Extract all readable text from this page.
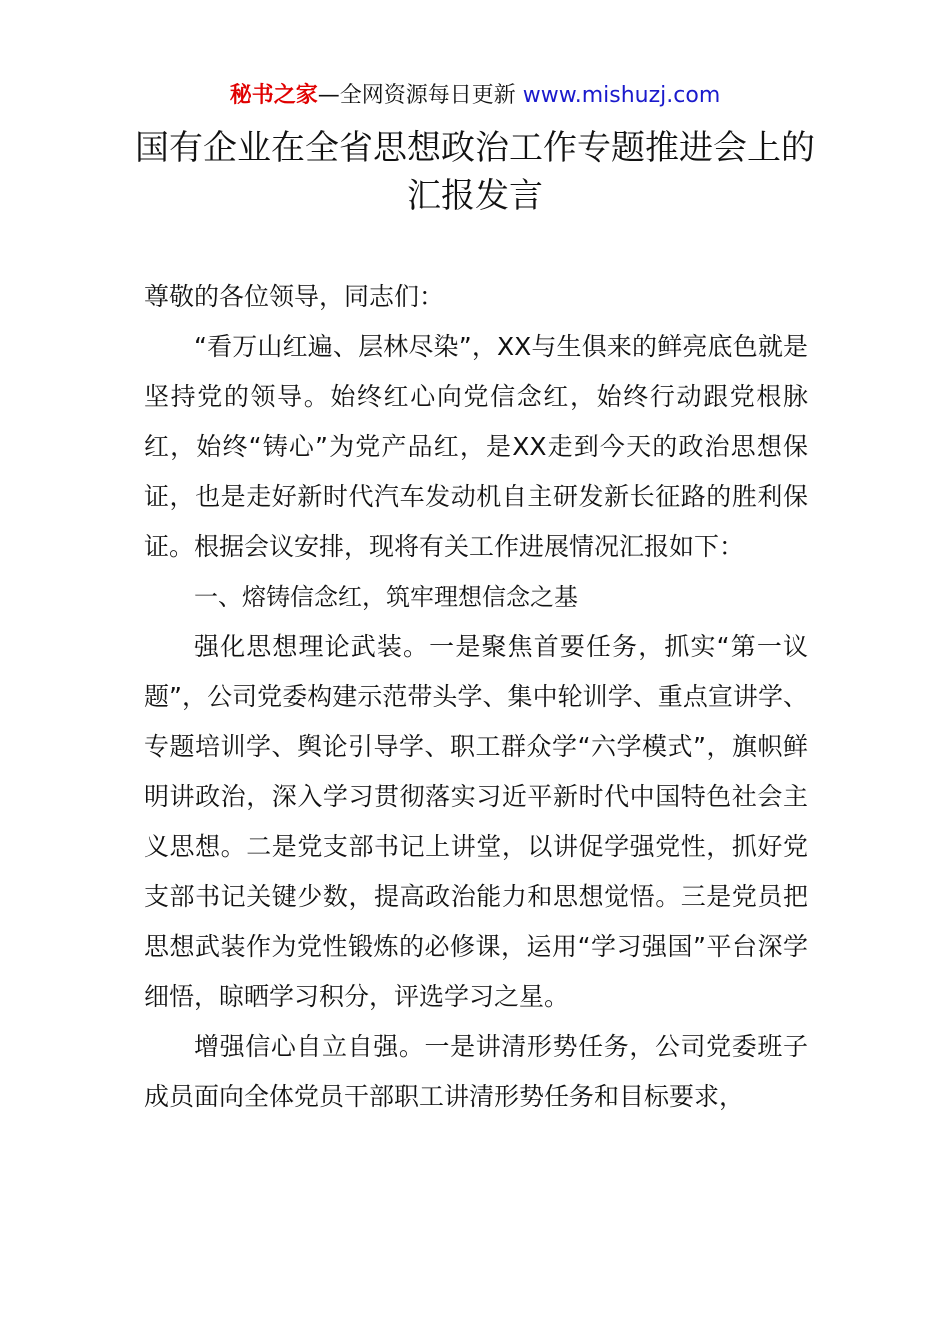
秘书之家—全网资源每日更新 www.mishuzj.com
国有企业在全省思想政治工作专题推进会上的汇报发言

尊敬的各位领导，同志们：

“看万山红遍、层林尽染”，XX与生俱来的鲜亮底色就是坚持党的领导。始终红心向党信念红，始终行动跟党根脉红，始终“铸心”为党产品红，是XX走到今天的政治思想保证，也是走好新时代汽车发动机自主研发新长征路的胜利保证。根据会议安排，现将有关工作进展情况汇报如下：

一、熔铸信念红，筑牢理想信念之基

强化思想理论武装。一是聚焦首要任务，抓实“第一议题”，公司党委构建示范带头学、集中轮训学、重点宣讲学、专题培训学、舆论引导学、职工群众学“六学模式”，旗帜鲜明讲政治，深入学习贯彻落实习近平新时代中国特色社会主义思想。二是党支部书记上讲堂，以讲促学强党性，抓好党支部书记关键少数，提高政治能力和思想觉悟。三是党员把思想武装作为党性锻炼的必修课，运用“学习强国”平台深学细悟，晾晒学习积分，评选学习之星。

增强信心自立自强。一是讲清形势任务，公司党委班子成员面向全体党员干部职工讲清形势任务和目标要求，
